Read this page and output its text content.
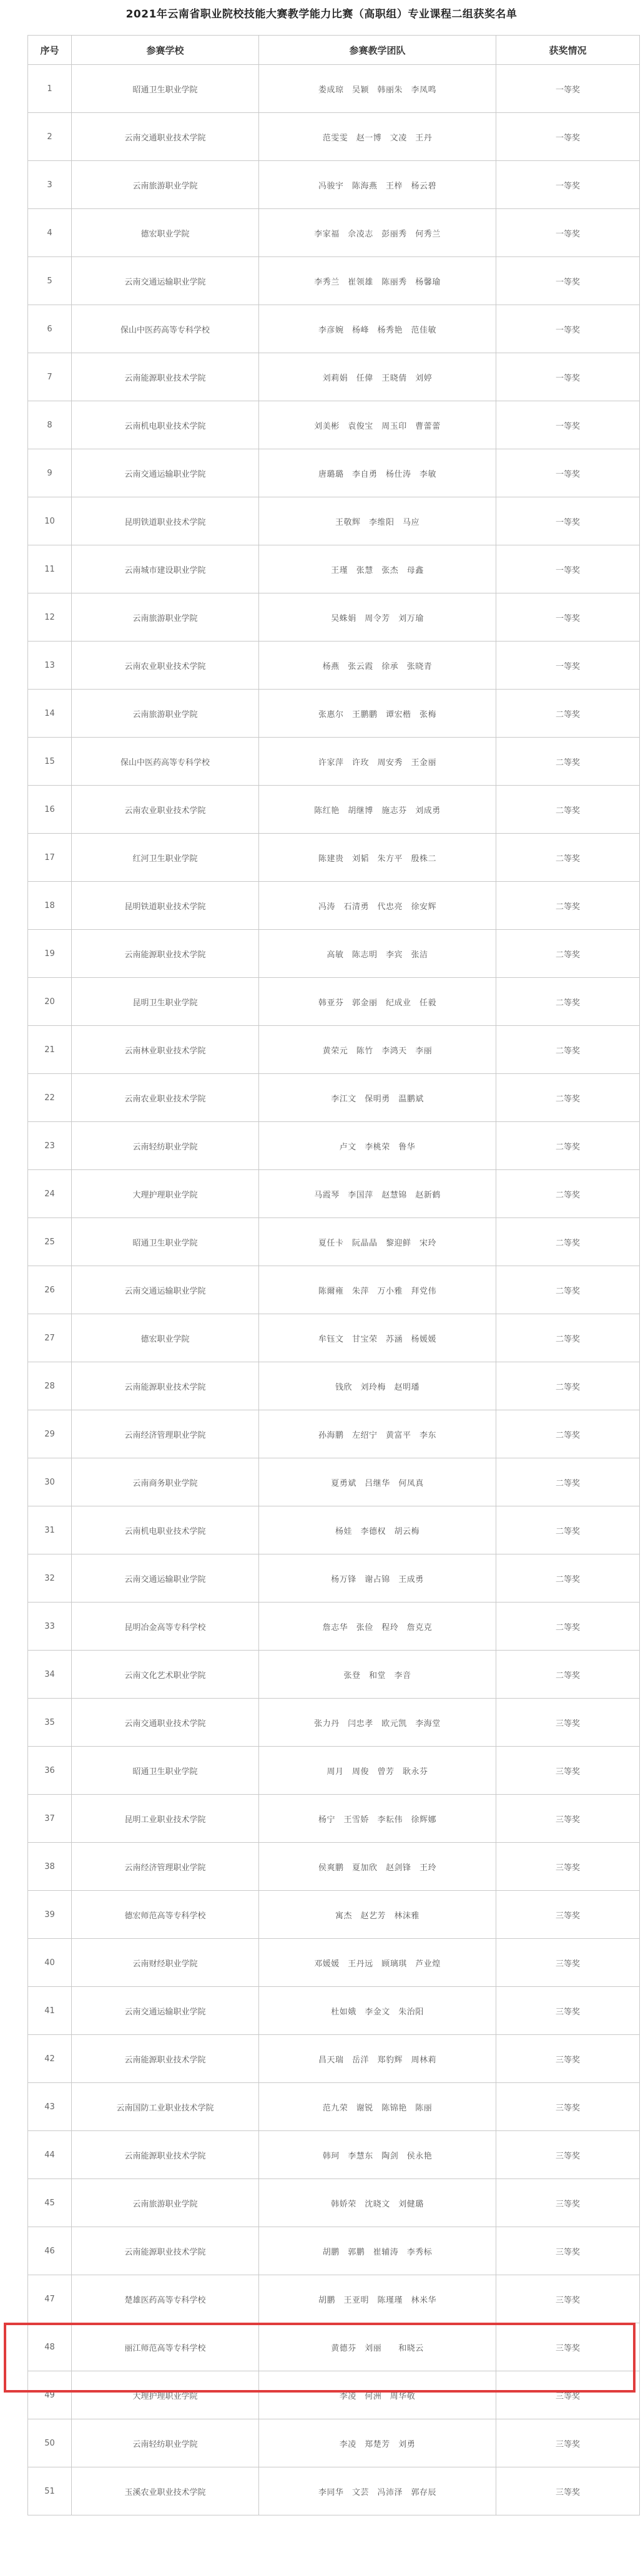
2021年云南省职业院校技能大赛教学能力比赛（高职组）专业课程二组获奖名单
序号	参赛学校	参赛教学团队	获奖情况
1	昭通卫生职业学院	娄成琼　吴颖　韩丽朱　李凤鸣	一等奖
2	云南交通职业技术学院	范雯雯　赵一博　文凌　王丹	一等奖
3	云南旅游职业学院	冯骏宇　陈海燕　王梓　杨云碧	一等奖
4	德宏职业学院	李家福　佘凌志　彭丽秀　何秀兰	一等奖
5	云南交通运输职业学院	李秀兰　崔领雄　陈丽秀　杨馨瑜	一等奖
6	保山中医药高等专科学校	李彦婉　杨峰　杨秀艳　范佳敏	一等奖
7	云南能源职业技术学院	刘莉娟　任偉　王晓倩　刘婷	一等奖
8	云南机电职业技术学院	刘美彬　袁俊宝　周玉印　曹蕾蕾	一等奖
9	云南交通运输职业学院	唐璐璐　李自勇　杨仕涛　李敏	一等奖
10	昆明铁道职业技术学院	王敬辉　李维阳　马应	一等奖
11	云南城市建设职业学院	王瑾　张慧　张杰　母鑫	一等奖
12	云南旅游职业学院	吴蛛娟　周令芳　刘万瑜	一等奖
13	云南农业职业技术学院	杨燕　张云霞　徐承　张晓青	一等奖
14	云南旅游职业学院	张惠尔　王鹏鹏　谭宏楷　张梅	二等奖
15	保山中医药高等专科学校	许家萍　许玫　周安秀　王金丽	二等奖
16	云南农业职业技术学院	陈红艳　胡继博　施志芬　刘成勇	二等奖
17	红河卫生职业学院	陈建贵　刘韬　朱方平　殷株二	二等奖
18	昆明铁道职业技术学院	冯涛　石清勇　代忠亮　徐安辉	二等奖
19	云南能源职业技术学院	高敏　陈志明　李宾　张洁	二等奖
20	昆明卫生职业学院	韩亚芬　郭金丽　纪成业　任毅	二等奖
21	云南林业职业技术学院	黄荣元　陈竹　李鸿天　李丽	二等奖
22	云南农业职业技术学院	李江文　保明勇　温鹏斌	二等奖
23	云南轻纺职业学院	卢文　李桃荣　鲁华	二等奖
24	大理护理职业学院	马霞琴　李国萍　赵慧锦　赵新鹤	二等奖
25	昭通卫生职业学院	夏任卡　阮晶晶　黎迎鲜　宋玲	二等奖
26	云南交通运输职业学院	陈爾雍　朱萍　万小雅　拜党伟	二等奖
27	德宏职业学院	牟钰文　甘宝荣　苏涵　杨媛媛	二等奖
28	云南能源职业技术学院	钱欣　刘玲梅　赵明璠	二等奖
29	云南经济管理职业学院	孙海鹏　左绍宁　黄富平　李东	二等奖
30	云南商务职业学院	夏勇斌　吕继华　何凤真	二等奖
31	云南机电职业技术学院	杨娃　李德权　胡云梅	二等奖
32	云南交通运输职业学院	杨万锋　谢占锦　王成勇	二等奖
33	昆明冶金高等专科学校	詹志华　张俭　程玲　詹克克	二等奖
34	云南文化艺术职业学院	张登　和堂　李音	二等奖
35	云南交通职业技术学院	张力丹　闫忠孝　欧元凯　李海堂	三等奖
36	昭通卫生职业学院	周月　周俊　曾芳　耿永芬	三等奖
37	昆明工业职业技术学院	杨宁　王雪娇　李耘伟　徐辉娜	三等奖
38	云南经济管理职业学院	侯爽鹏　夏加欣　赵剑锋　王玲	三等奖
39	德宏师范高等专科学校	寓杰　赵艺芳　林沫雅	三等奖
40	云南财经职业学院	邓媛媛　王丹远　顾璃琪　芦业煌	三等奖
41	云南交通运输职业学院	杜如娥　李金文　朱治阳	三等奖
42	云南能源职业技术学院	昌天瑞　岳洋　郑豹辉　周林莉	三等奖
43	云南国防工业职业技术学院	范九荣　谢锐　陈锦艳　陈丽	三等奖
44	云南能源职业技术学院	韩珂　李慧东　陶剑　侯永艳	三等奖
45	云南旅游职业学院	韩娇荣　沈晓文　刘健璐	三等奖
46	云南能源职业技术学院	胡鹏　郭鹏　崔辅涛　李秀标	三等奖
47	楚雄医药高等专科学校	胡鹏　王亚明　陈瑾瑾　林米华	三等奖
48	丽江师范高等专科学校	黄德芬　刘丽　　和晓云	三等奖
49	大理护理职业学院	李凌　何洲　周华敬	三等奖
50	云南轻纺职业学院	李凌　郑楚芳　刘勇	三等奖
51	玉溪农业职业技术学院	李同华　文芸　冯沛泽　郭存辰	三等奖
